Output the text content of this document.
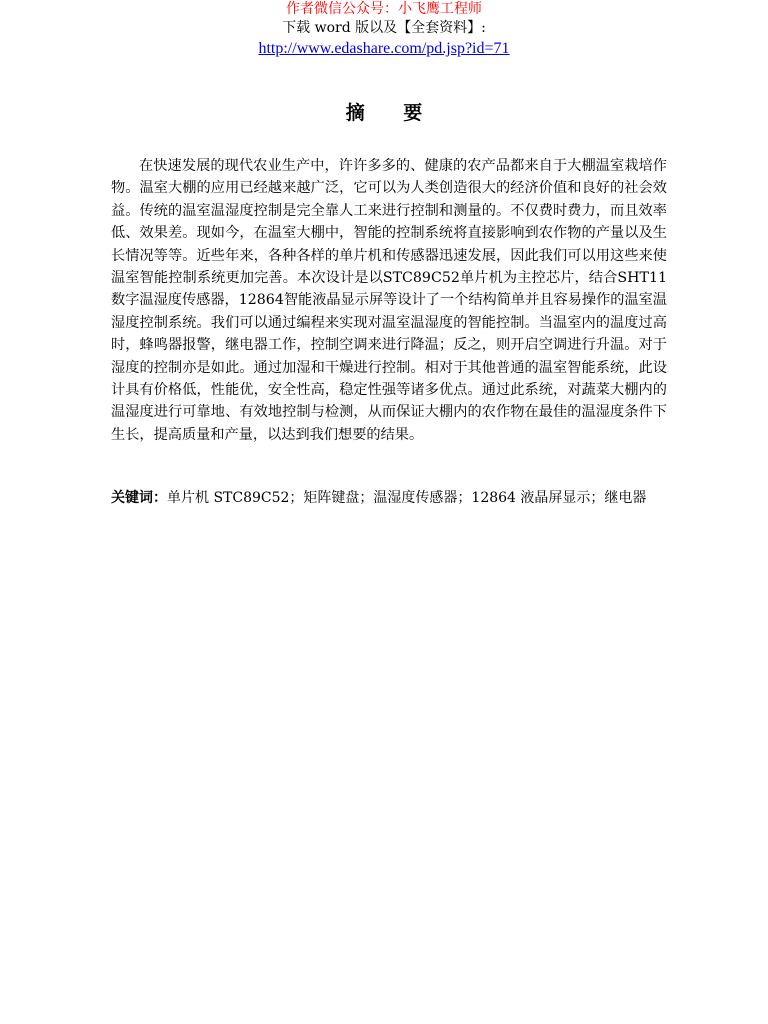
作者微信公众号：小飞鹰工程师
下载 word 版以及【全套资料】:
http://www.edashare.com/pd.jsp?id=71
摘 要

在快速发展的现代农业生产中，许许多多的、健康的农产品都来自于大棚温室栽培作物。温室大棚的应用已经越来越广泛，它可以为人类创造很大的经济价值和良好的社会效益。传统的温室温湿度控制是完全靠人工来进行控制和测量的。不仅费时费力，而且效率低、效果差。现如今，在温室大棚中，智能的控制系统将直接影响到农作物的产量以及生长情况等等。近些年来，各种各样的单片机和传感器迅速发展，因此我们可以用这些来使温室智能控制系统更加完善。本次设计是以STC89C52单片机为主控芯片，结合SHT11数字温湿度传感器，12864智能液晶显示屏等设计了一个结构简单并且容易操作的温室温湿度控制系统。我们可以通过编程来实现对温室温湿度的智能控制。当温室内的温度过高时，蜂鸣器报警，继电器工作，控制空调来进行降温；反之，则开启空调进行升温。对于湿度的控制亦是如此。通过加湿和干燥进行控制。相对于其他普通的温室智能系统，此设计具有价格低，性能优，安全性高，稳定性强等诸多优点。通过此系统，对蔬菜大棚内的温湿度进行可靠地、有效地控制与检测，从而保证大棚内的农作物在最佳的温湿度条件下生长，提高质量和产量，以达到我们想要的结果。

关键词：单片机 STC89C52；矩阵键盘；温湿度传感器；12864 液晶屏显示；继电器
